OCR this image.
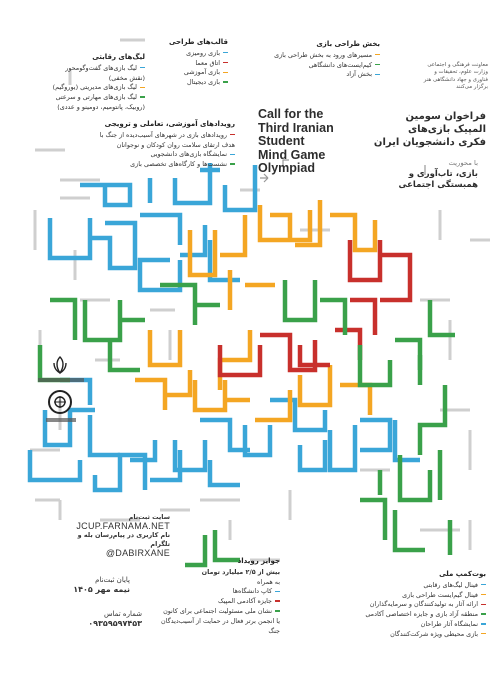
معاونت فرهنگی و اجتماعی
وزارت علوم، تحقیقات و
فناوری و جهاد دانشگاهی هنر
برگزار می‌کنند
بخش طراحی بازی
مسیرهای ورود به بخش طراحی بازی
کیم‌ایست‌های دانشگاهی
بخش آزاد
قالب‌های طراحی
بازی رومیزی
اتاق معما
بازی آموزشی
بازی دیجیتال
لیگ‌های رقابتی
لیگ بازی‌های گفت‌وگومحور
(نقش مخفی)
لیگ بازی‌های مدیریتی (یوروگیم)
لیگ بازی‌های مهارتی و سرعتی
(روبیک، پانتومیم، دومینو و عددی)
رویدادهای آموزشی، تعاملی و ترویجی
رویدادهای بازی در شهرهای آسیب‌دیده از جنگ با
هدف ارتقای سلامت روان کودکان و نوجوانان
نمایشگاه بازی‌های دانشجویی
نشست‌ها و کارگاه‌های تخصصی بازی
Call for the
Third Iranian
Student
Mind Game
Olympiad
فراخوان سومین
المپیک بازی‌های
فکری دانشجویان ایران
با محوریت
بازی، تاب‌آوری و
همبستگی اجتماعی
سایت ثبت‌نام
JCUP.FARNAMA.NET
نام کاربری در پیام‌رسان بله و
تلگرام
@DABIRXANE
پایان ثبت‌نام
نیمه مهر ۱۴۰۵
شماره تماس
۰۹۳۵۹۵۹۷۴۵۳
جوایز رویداد
بیش از ۲/۵ میلیارد تومان
به همراه
کاپ دانشگاه‌ها
جایزه آکادمی المپیک
نشان ملی مسئولیت اجتماعی برای کانون
یا انجمن برتر فعال در حمایت از آسیب‌دیدگان
جنگ
بوت‌کمپ ملی
فینال لیگ‌های رقابتی
فینال گیم‌ایست طراحی بازی
ارائه آثار به تولیدکنندگان و سرمایه‌گذاران
منطقه آزاد بازی و جایزه اختصاصی آکادمی
نمایشگاه آثار طراحان
بازی محیطی ویژه شرکت‌کنندگان
